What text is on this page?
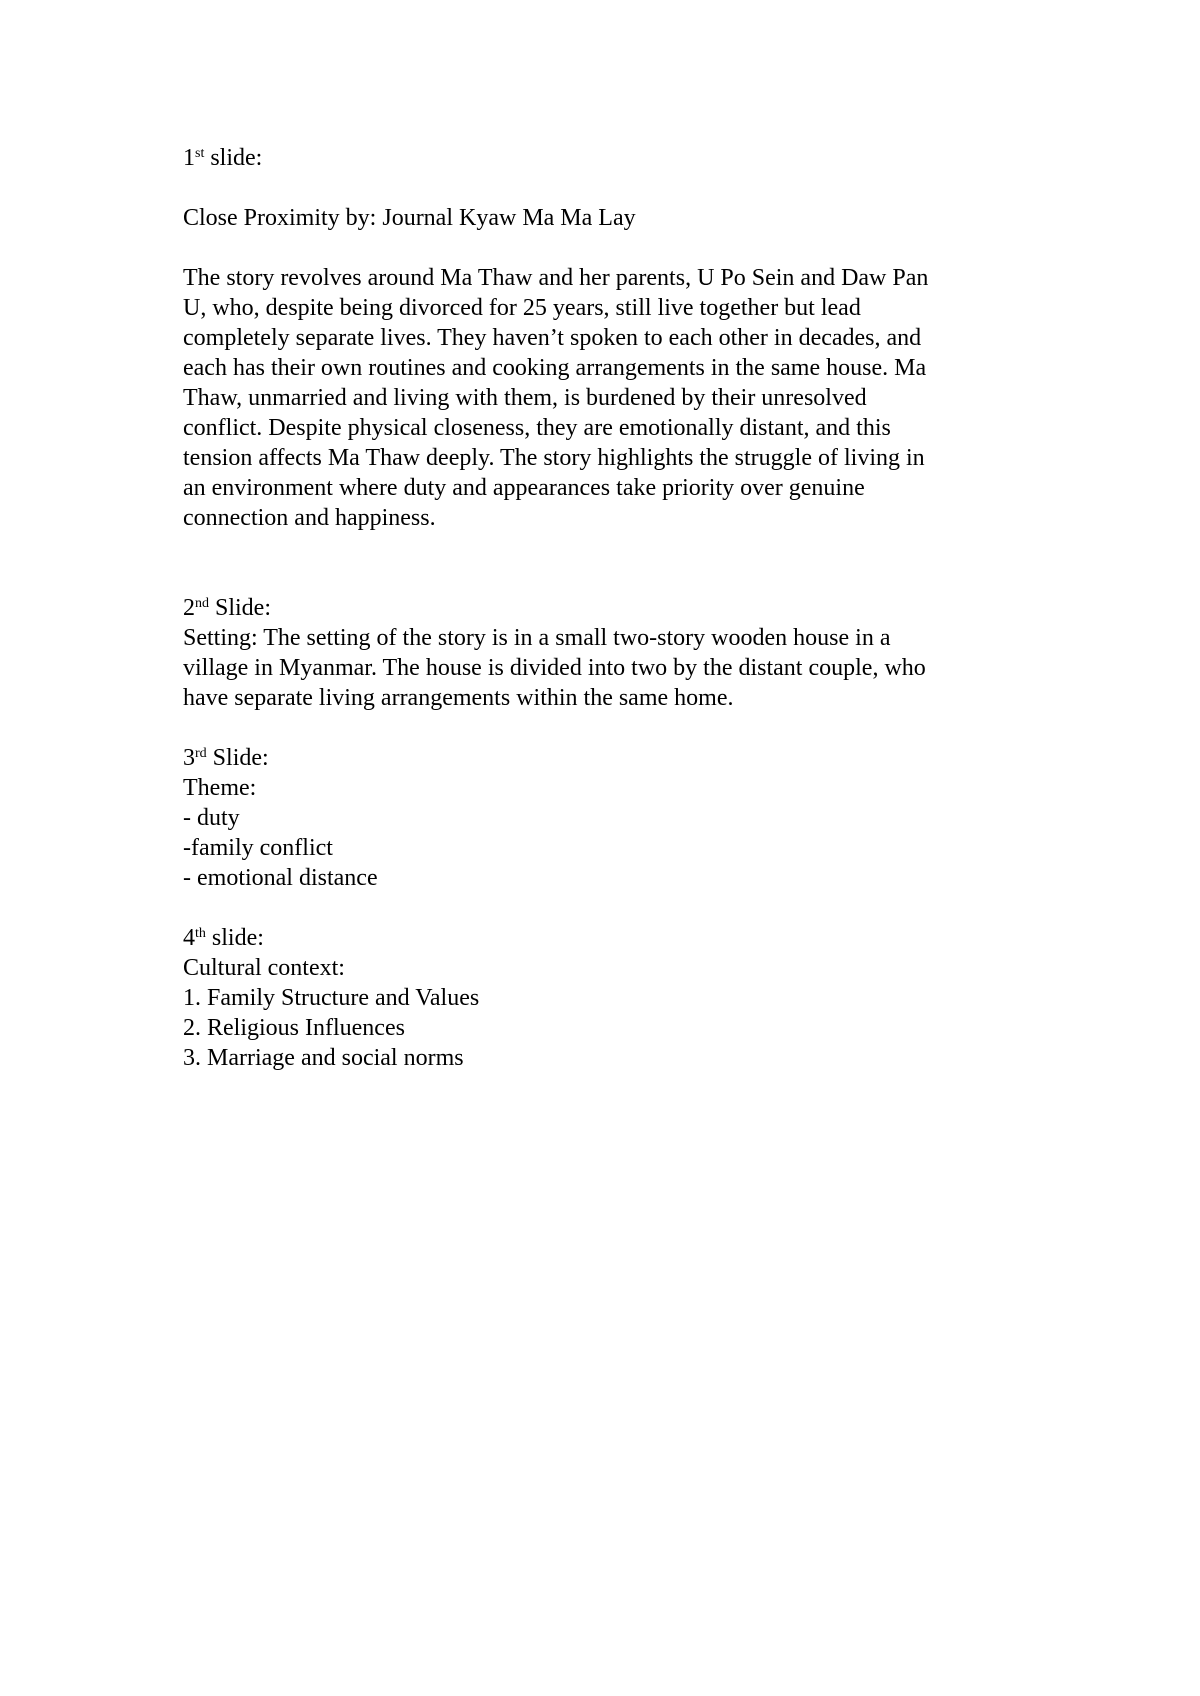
1st slide:
Close Proximity by: Journal Kyaw Ma Ma Lay
The story revolves around Ma Thaw and her parents, U Po Sein and Daw Pan
U, who, despite being divorced for 25 years, still live together but lead
completely separate lives. They haven’t spoken to each other in decades, and
each has their own routines and cooking arrangements in the same house. Ma
Thaw, unmarried and living with them, is burdened by their unresolved
conflict. Despite physical closeness, they are emotionally distant, and this
tension affects Ma Thaw deeply. The story highlights the struggle of living in
an environment where duty and appearances take priority over genuine
connection and happiness.
2nd Slide:
Setting: The setting of the story is in a small two-story wooden house in a
village in Myanmar. The house is divided into two by the distant couple, who
have separate living arrangements within the same home.
3rd Slide:
Theme:
- duty
-family conflict
- emotional distance
4th slide:
Cultural context:
1. Family Structure and Values
2. Religious Influences
3. Marriage and social norms
